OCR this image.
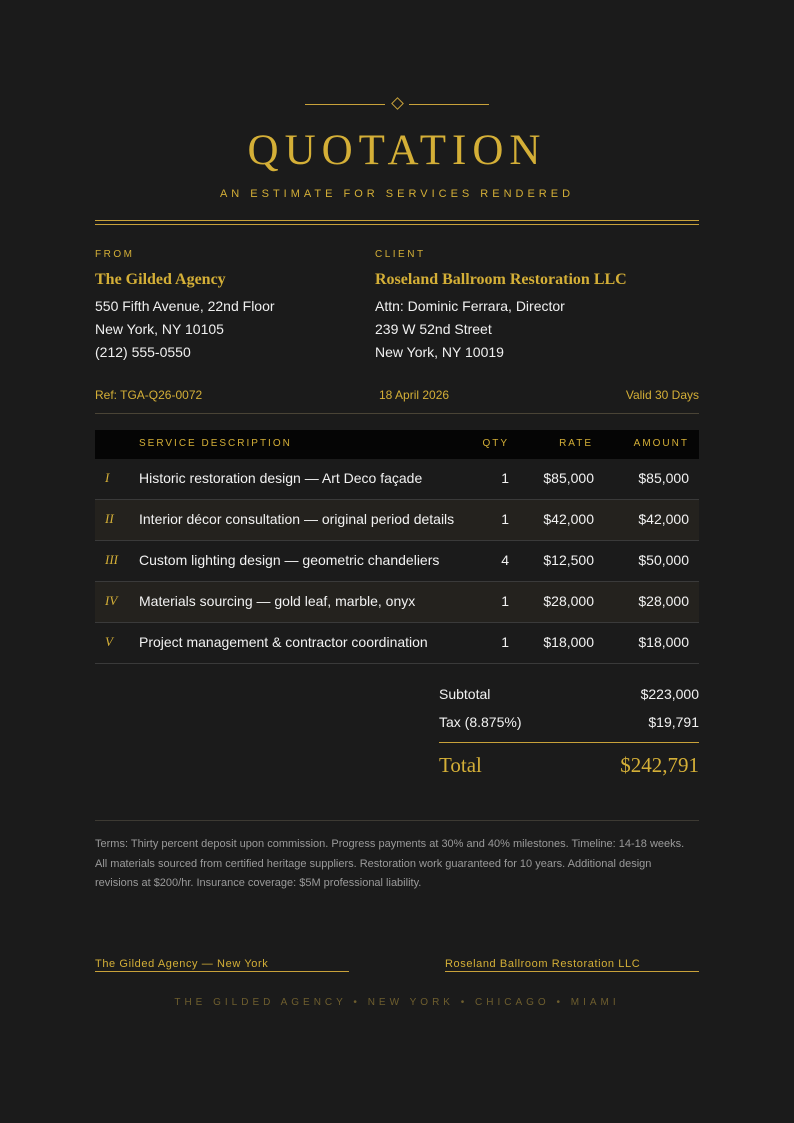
QUOTATION
AN ESTIMATE FOR SERVICES RENDERED
FROM
The Gilded Agency
550 Fifth Avenue, 22nd Floor
New York, NY 10105
(212) 555-0550
CLIENT
Roseland Ballroom Restoration LLC
Attn: Dominic Ferrara, Director
239 W 52nd Street
New York, NY 10019
Ref: TGA-Q26-0072	18 April 2026	Valid 30 Days
SERVICE DESCRIPTION	QTY	RATE	AMOUNT
I Historic restoration design — Art Deco façade	1 $85,000	$85,000
II Interior décor consultation — original period details	1 $42,000	$42,000
III Custom lighting design — geometric chandeliers	4 $12,500	$50,000
IV Materials sourcing — gold leaf, marble, onyx	1 $28,000	$28,000
V Project management & contractor coordination	1 $18,000	$18,000
Subtotal	$223,000
Tax (8.875%)	$19,791
Total	$242,791
Terms: Thirty percent deposit upon commission. Progress payments at 30% and 40% milestones. Timeline: 14-18 weeks. All materials sourced from certified heritage suppliers. Restoration work guaranteed for 10 years. Additional design revisions at $200/hr. Insurance coverage: $5M professional liability.
The Gilded Agency — New York	Roseland Ballroom Restoration LLC
THE GILDED AGENCY • NEW YORK • CHICAGO • MIAMI
